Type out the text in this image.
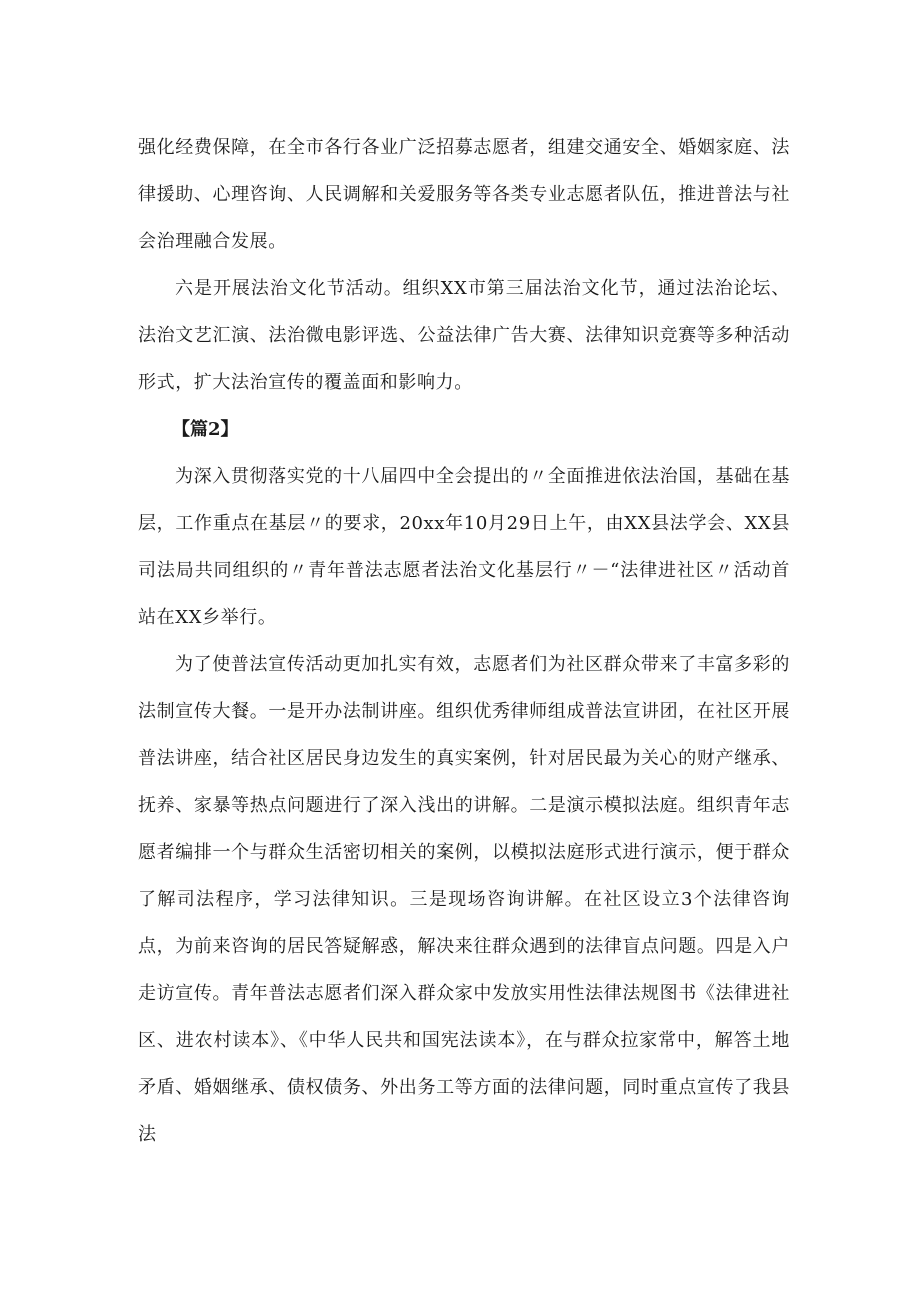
强化经费保障，在全市各行各业广泛招募志愿者，组建交通安全、婚姻家庭、法律援助、心理咨询、人民调解和关爱服务等各类专业志愿者队伍，推进普法与社会治理融合发展。

六是开展法治文化节活动。组织XX市第三届法治文化节，通过法治论坛、法治文艺汇演、法治微电影评选、公益法律广告大赛、法律知识竞赛等多种活动形式，扩大法治宣传的覆盖面和影响力。

【篇2】

为深入贯彻落实党的十八届四中全会提出的〃全面推进依法治国，基础在基层，工作重点在基层〃的要求，20xx年10月29日上午，由XX县法学会、XX县司法局共同组织的〃青年普法志愿者法治文化基层行〃－“法律进社区〃活动首站在XX乡举行。

为了使普法宣传活动更加扎实有效，志愿者们为社区群众带来了丰富多彩的法制宣传大餐。一是开办法制讲座。组织优秀律师组成普法宣讲团，在社区开展普法讲座，结合社区居民身边发生的真实案例，针对居民最为关心的财产继承、抚养、家暴等热点问题进行了深入浅出的讲解。二是演示模拟法庭。组织青年志愿者编排一个与群众生活密切相关的案例，以模拟法庭形式进行演示，便于群众了解司法程序，学习法律知识。三是现场咨询讲解。在社区设立3个法律咨询点，为前来咨询的居民答疑解惑，解决来往群众遇到的法律盲点问题。四是入户走访宣传。青年普法志愿者们深入群众家中发放实用性法律法规图书《法律进社区、进农村读本》、《中华人民共和国宪法读本》，在与群众拉家常中，解答土地矛盾、婚姻继承、债权债务、外出务工等方面的法律问题，同时重点宣传了我县法
